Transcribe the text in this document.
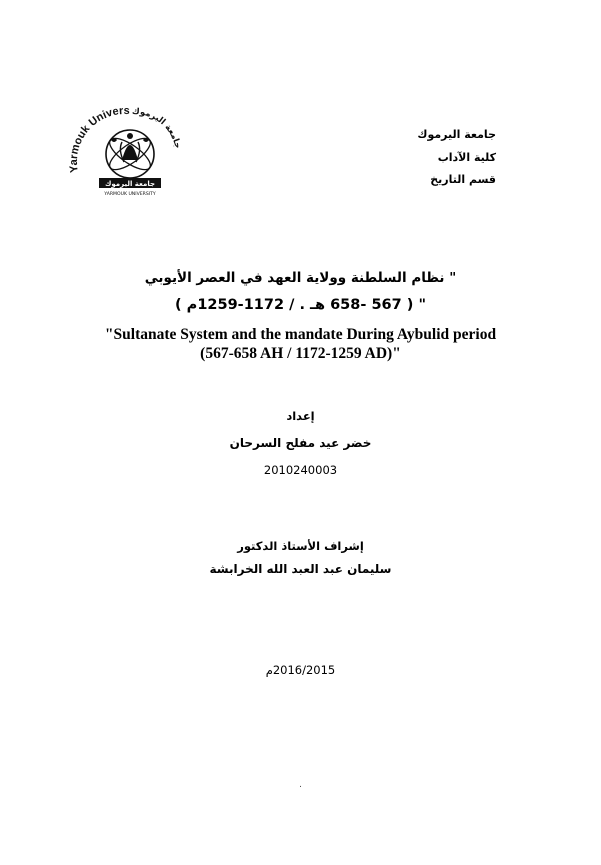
Yarmouk Univers جامعة اليرموك
جامعة اليرموك
YARMOUK UNIVERSITY
جامعة اليرموك
كلية الآداب
قسم التاريخ
" نظام السلطنة وولاية العهد في العصر الأيوبي
" ( 567 -658 هـ . / 1172-1259م )
"Sultanate System and the mandate During Aybulid period
(567-658 AH / 1172-1259 AD)"
إعداد
خضر عيد مفلح السرحان
2010240003
إشراف الأستاذ الدكتور
سليمان عبد العبد الله الخرابشة
2016/2015م
.
